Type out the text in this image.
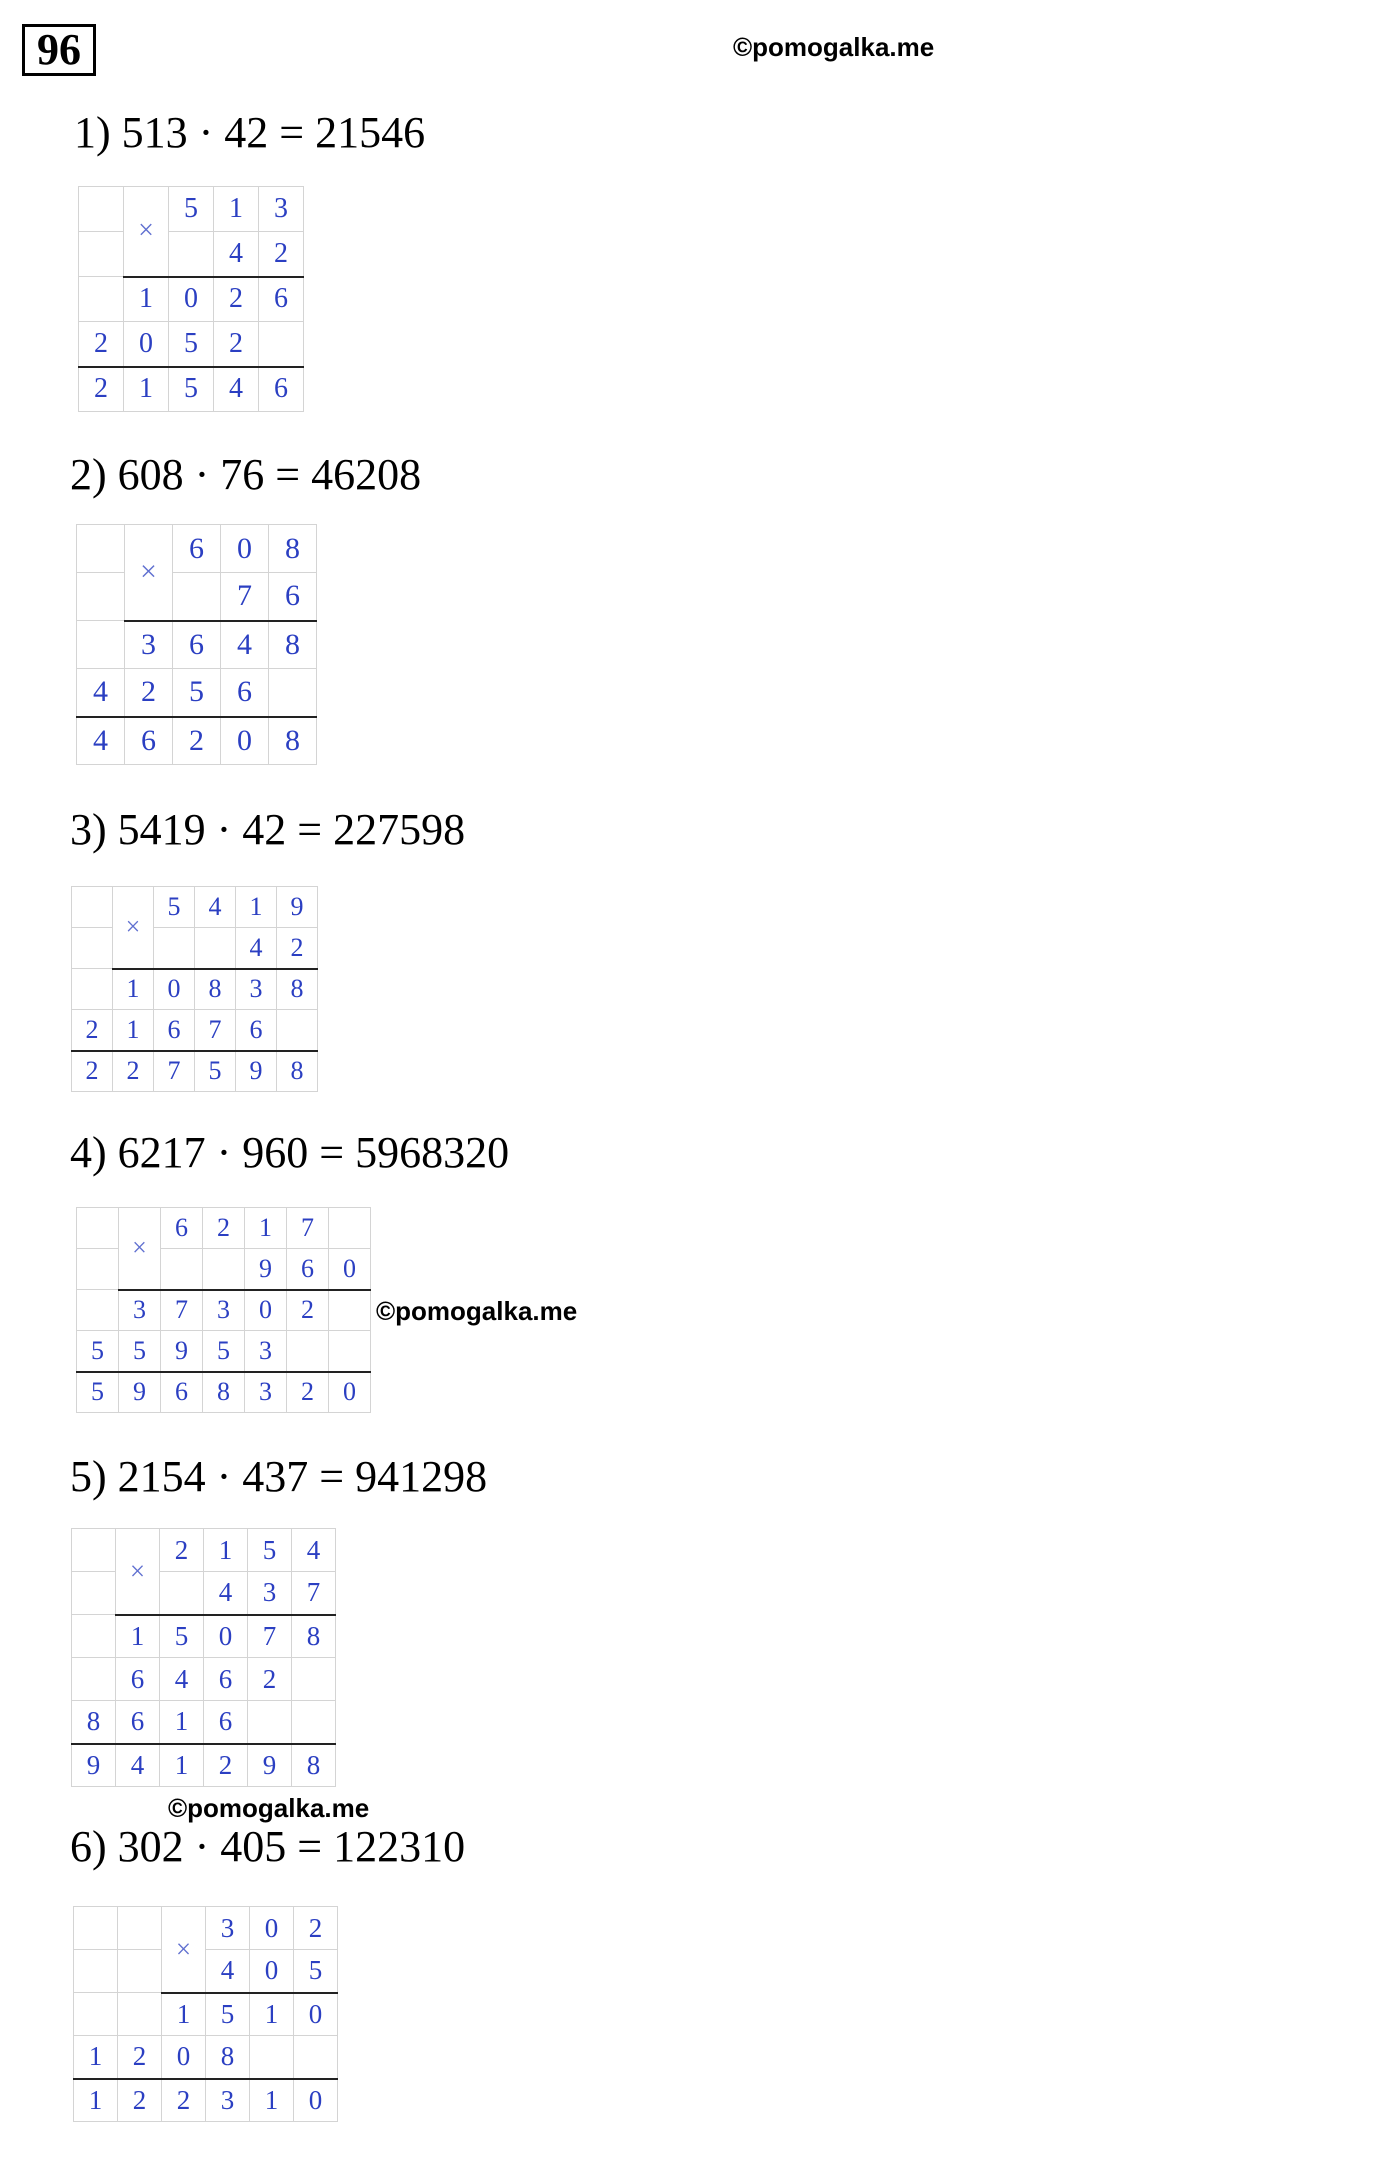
96	©pomogalka.me
©pomogalka.me
©pomogalka.me
1) 513 · 42 = 21546
	×	5	1	3
			4	2
	1	0	2	6
2	0	5	2	
2	1	5	4	6
2) 608 · 76 = 46208
	×	6	0	8
			7	6
	3	6	4	8
4	2	5	6	
4	6	2	0	8
3) 5419 · 42 = 227598
	×	5	4	1	9
				4	2
	1	0	8	3	8
2	1	6	7	6	
2	2	7	5	9	8
4) 6217 · 960 = 5968320
	×	6	2	1	7	
				9	6	0
	3	7	3	0	2	
5	5	9	5	3		
5	9	6	8	3	2	0
5) 2154 · 437 = 941298
	×	2	1	5	4
			4	3	7
	1	5	0	7	8
	6	4	6	2	
8	6	1	6		
9	4	1	2	9	8
6) 302 · 405 = 122310
		×	3	0	2
			4	0	5
		1	5	1	0
1	2	0	8		
1	2	2	3	1	0
